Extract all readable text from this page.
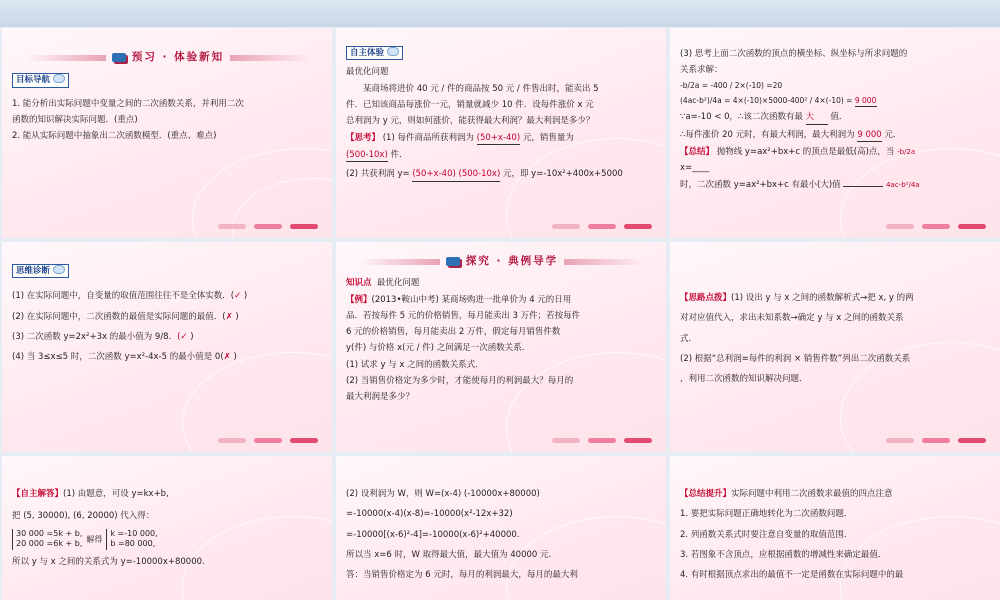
预习 · 体验新知
目标导航

1. 能分析出实际问题中变量之间的二次函数关系，并利用二次

函数的知识解决实际问题．(重点)

2. 能从实际问题中抽象出二次函数模型．(重点、难点)

自主体验

最优化问题

某商场将进价 40 元 / 件的商品按 50 元 / 件售出时，能卖出 5

件．已知该商品每涨价一元，销量就减少 10 件．设每件涨价 x 元

总利润为 y 元，则如何涨价，能获得最大利润？最大利润是多少？

【思考】 (1) 每件商品所获利润为 (50+x-40) 元，销售量为

(500-10x) 件．

(2) 共获利润 y= (50+x-40) (500-10x) 元，即 y=-10x²+400x+5000

(3) 思考上面二次函数的顶点的横坐标、纵坐标与所求问题的

关系求解：

-b/2a = -400 / 2×(-10) =20

(4ac-b²)/4a = 4×(-10)×5000-400² / 4×(-10) = 9 000

∵a=-10 < 0，∴该二次函数有最 大 值．

∴每件涨价 20 元时，有最大利润，最大利润为 9 000 元．

【总结】 抛物线 y=ax²+bx+c 的顶点是最低(高)点，当 -b/2a

x=____

时，二次函数 y=ax²+bx+c 有最小(大)值	4ac-b²/4a

思维诊断

(1) 在实际问题中，自变量的取值范围往往不是全体实数．(✓ )

(2) 在实际问题中，二次函数的最值是实际问题的最值．(✗ )

(3) 二次函数 y=2x²+3x 的最小值为 9/8．(✓ )

(4) 当 3≤x≤5 时，二次函数 y=x²-4x-5 的最小值是 0(✗ )

探究 · 典例导学

知识点 最优化问题

【例】(2013•鞍山中考) 某商场购进一批单价为 4 元的日用

品．若按每件 5 元的价格销售，每月能卖出 3 万件；若按每件

6 元的价格销售，每月能卖出 2 万件，假定每月销售件数

y(件) 与价格 x(元 / 件) 之间满足一次函数关系．

(1) 试求 y 与 x 之间的函数关系式．

(2) 当销售价格定为多少时，才能使每月的利润最大？每月的

最大利润是多少？

【思路点拨】(1) 设出 y 与 x 之间的函数解析式→把 x, y 的两

对对应值代入，求出未知系数→确定 y 与 x 之间的函数关系

式．

(2) 根据“总利润=每件的利润 × 销售件数”列出二次函数关系

，利用二次函数的知识解决问题．

【自主解答】(1) 由题意，可设 y=kx+b,

把 (5, 30000), (6, 20000) 代入得：

30 000 =5k + b,
20 000 =6k + b,
解得
k =-10 000,
b =80 000,

所以 y 与 x 之间的关系式为 y=-10000x+80000.

(2) 设利润为 W，则 W=(x-4) (-10000x+80000)

=-10000(x-4)(x-8)=-10000(x²-12x+32)

=-10000[(x-6)²-4]=-10000(x-6)²+40000.

所以当 x=6 时，W 取得最大值，最大值为 40000 元.

答：当销售价格定为 6 元时，每月的利润最大，每月的最大利

【总结提升】实际问题中利用二次函数求最值的四点注意

1. 要把实际问题正确地转化为二次函数问题．

2. 列函数关系式时要注意自变量的取值范围．

3. 若图象不含顶点，应根据函数的增减性来确定最值．

4. 有时根据顶点求出的最值不一定是函数在实际问题中的最
